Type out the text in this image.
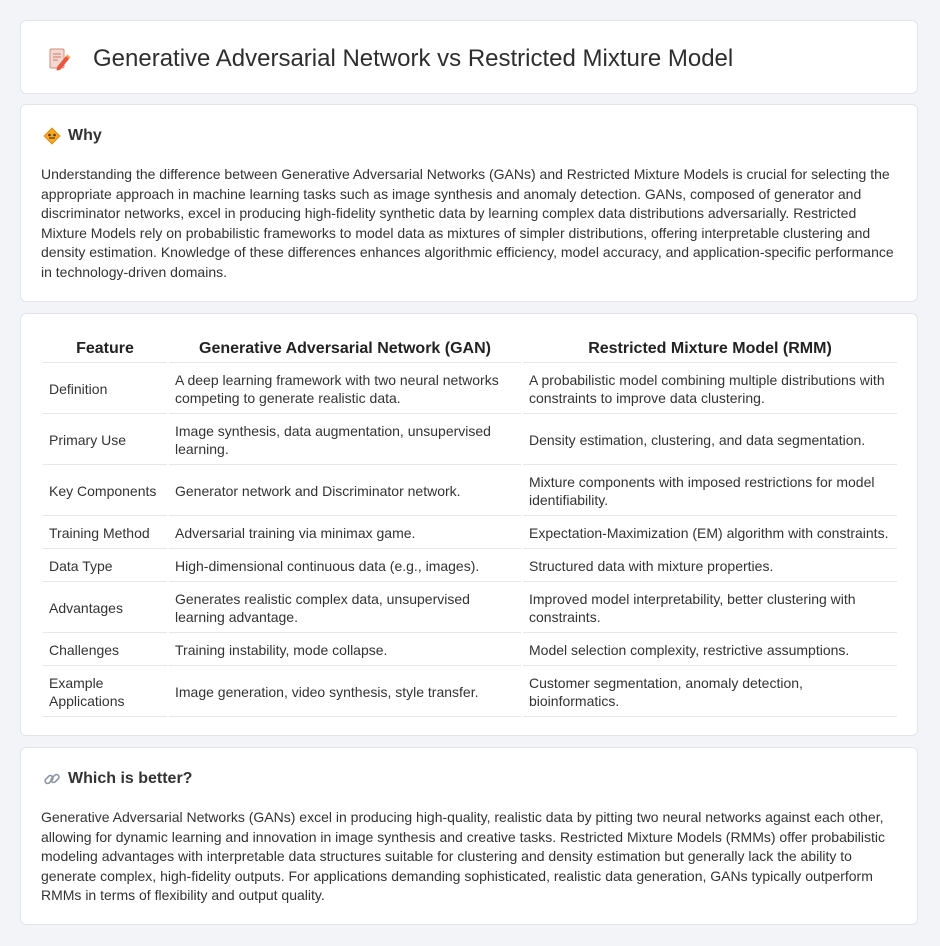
Generative Adversarial Network vs Restricted Mixture Model
Why

Understanding the difference between Generative Adversarial Networks (GANs) and Restricted Mixture Models is crucial for selecting the appropriate approach in machine learning tasks such as image synthesis and anomaly detection. GANs, composed of generator and discriminator networks, excel in producing high-fidelity synthetic data by learning complex data distributions adversarially. Restricted Mixture Models rely on probabilistic frameworks to model data as mixtures of simpler distributions, offering interpretable clustering and density estimation. Knowledge of these differences enhances algorithmic efficiency, model accuracy, and application-specific performance in technology-driven domains.

Feature	Generative Adversarial Network (GAN)	Restricted Mixture Model (RMM)
Definition	A deep learning framework with two neural networks competing to generate realistic data.	A probabilistic model combining multiple distributions with constraints to improve data clustering.
Primary Use	Image synthesis, data augmentation, unsupervised learning.	Density estimation, clustering, and data segmentation.
Key Components	Generator network and Discriminator network.	Mixture components with imposed restrictions for model identifiability.
Training Method	Adversarial training via minimax game.	Expectation-Maximization (EM) algorithm with constraints.
Data Type	High-dimensional continuous data (e.g., images).	Structured data with mixture properties.
Advantages	Generates realistic complex data, unsupervised learning advantage.	Improved model interpretability, better clustering with constraints.
Challenges	Training instability, mode collapse.	Model selection complexity, restrictive assumptions.
Example Applications	Image generation, video synthesis, style transfer.	Customer segmentation, anomaly detection, bioinformatics.
Which is better?

Generative Adversarial Networks (GANs) excel in producing high-quality, realistic data by pitting two neural networks against each other, allowing for dynamic learning and innovation in image synthesis and creative tasks. Restricted Mixture Models (RMMs) offer probabilistic modeling advantages with interpretable data structures suitable for clustering and density estimation but generally lack the ability to generate complex, high-fidelity outputs. For applications demanding sophisticated, realistic data generation, GANs typically outperform RMMs in terms of flexibility and output quality.
